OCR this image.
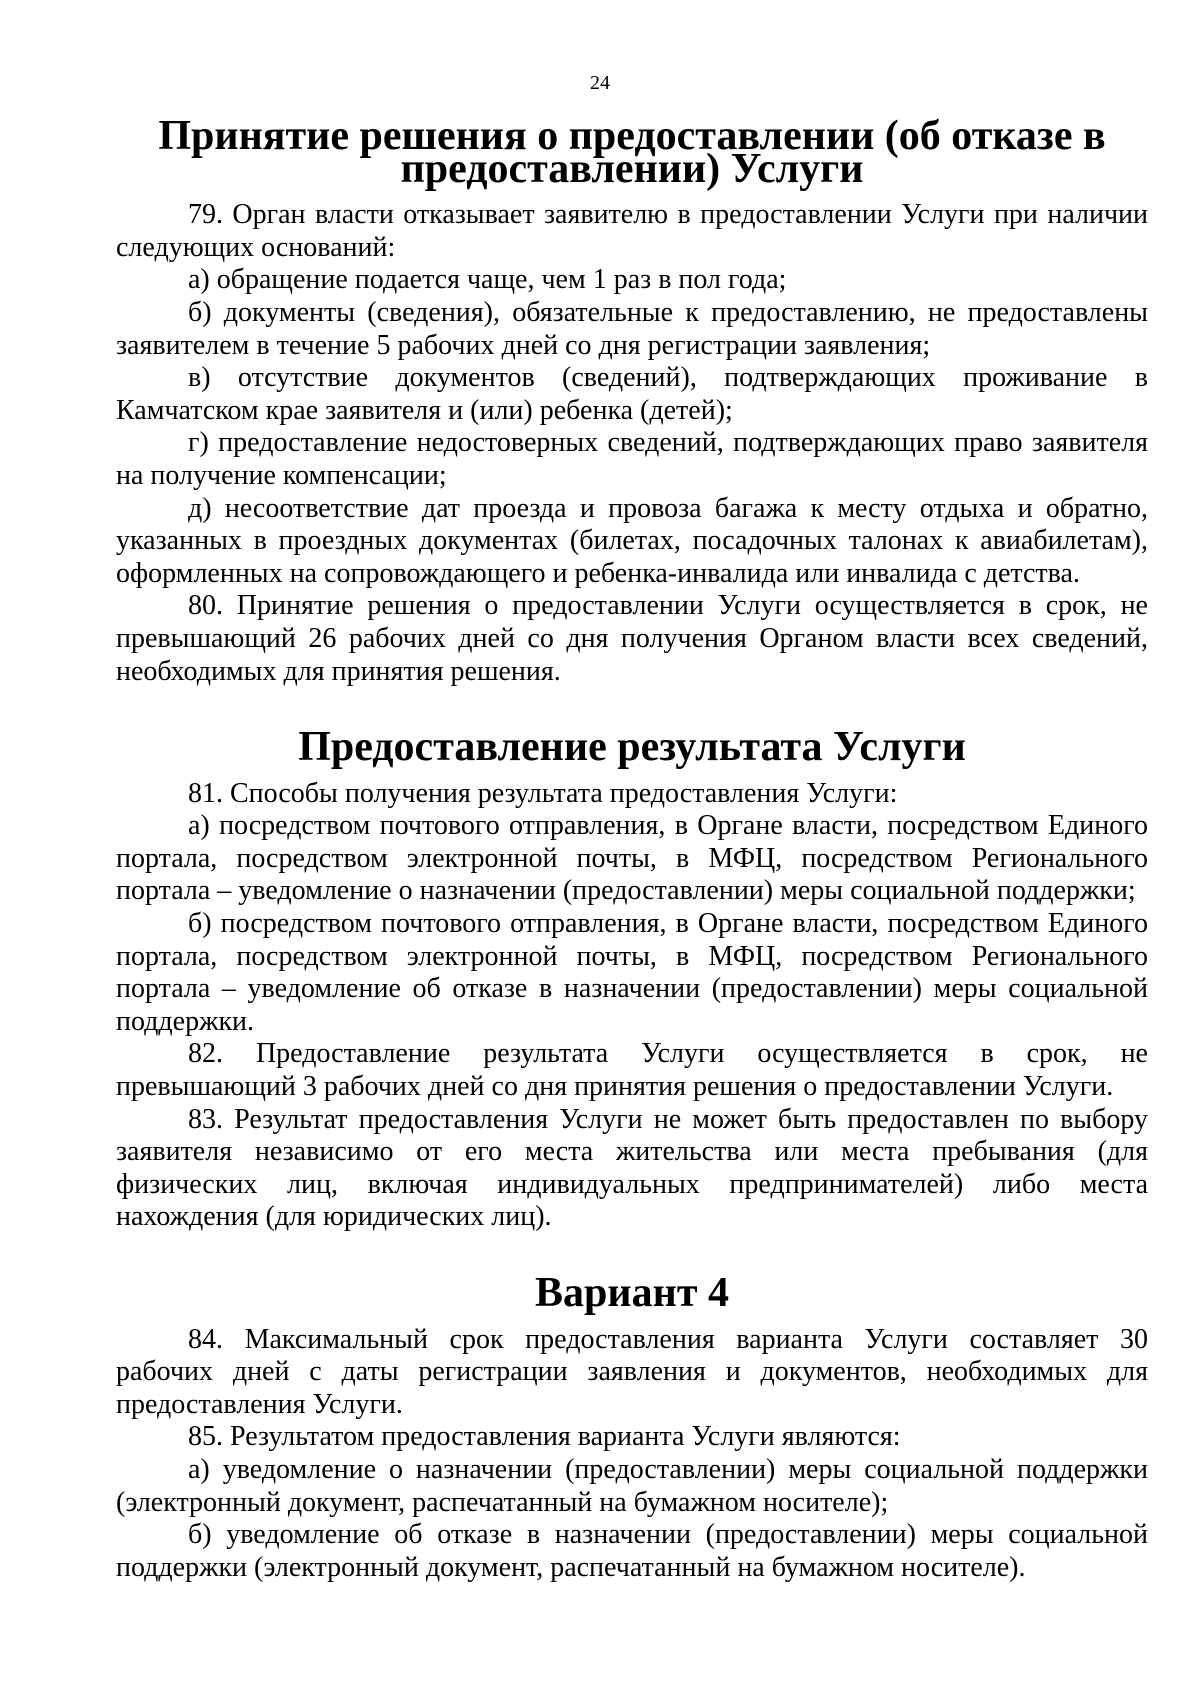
24
Принятие решения о предоставлении (об отказе в предоставлении) Услуги

79. Орган власти отказывает заявителю в предоставлении Услуги при наличии следующих оснований:

а) обращение подается чаще, чем 1 раз в пол года;

б) документы (сведения), обязательные к предоставлению, не предоставлены заявителем в течение 5 рабочих дней со дня регистрации заявления;

в) отсутствие документов (сведений), подтверждающих проживание в Камчатском крае заявителя и (или) ребенка (детей);

г) предоставление недостоверных сведений, подтверждающих право заявителя на получение компенсации;

д) несоответствие дат проезда и провоза багажа к месту отдыха и обратно, указанных в проездных документах (билетах, посадочных талонах к авиабилетам), оформленных на сопровождающего и ребенка-инвалида или инвалида с детства.

80. Принятие решения о предоставлении Услуги осуществляется в срок, не превышающий 26 рабочих дней со дня получения Органом власти всех сведений, необходимых для принятия решения.

Предоставление результата Услуги

81. Способы получения результата предоставления Услуги:

а) посредством почтового отправления, в Органе власти, посредством Единого портала, посредством электронной почты, в МФЦ, посредством Регионального портала – уведомление о назначении (предоставлении) меры социальной поддержки;

б) посредством почтового отправления, в Органе власти, посредством Единого портала, посредством электронной почты, в МФЦ, посредством Регионального портала – уведомление об отказе в назначении (предоставлении) меры социальной поддержки.

82. Предоставление результата Услуги осуществляется в срок, не превышающий 3 рабочих дней со дня принятия решения о предоставлении Услуги.

83. Результат предоставления Услуги не может быть предоставлен по выбору заявителя независимо от его места жительства или места пребывания (для физических лиц, включая индивидуальных предпринимателей) либо места нахождения (для юридических лиц).

Вариант 4

84. Максимальный срок предоставления варианта Услуги составляет 30 рабочих дней с даты регистрации заявления и документов, необходимых для предоставления Услуги.

85. Результатом предоставления варианта Услуги являются:

а) уведомление о назначении (предоставлении) меры социальной поддержки (электронный документ, распечатанный на бумажном носителе);

б) уведомление об отказе в назначении (предоставлении) меры социальной поддержки (электронный документ, распечатанный на бумажном носителе).
